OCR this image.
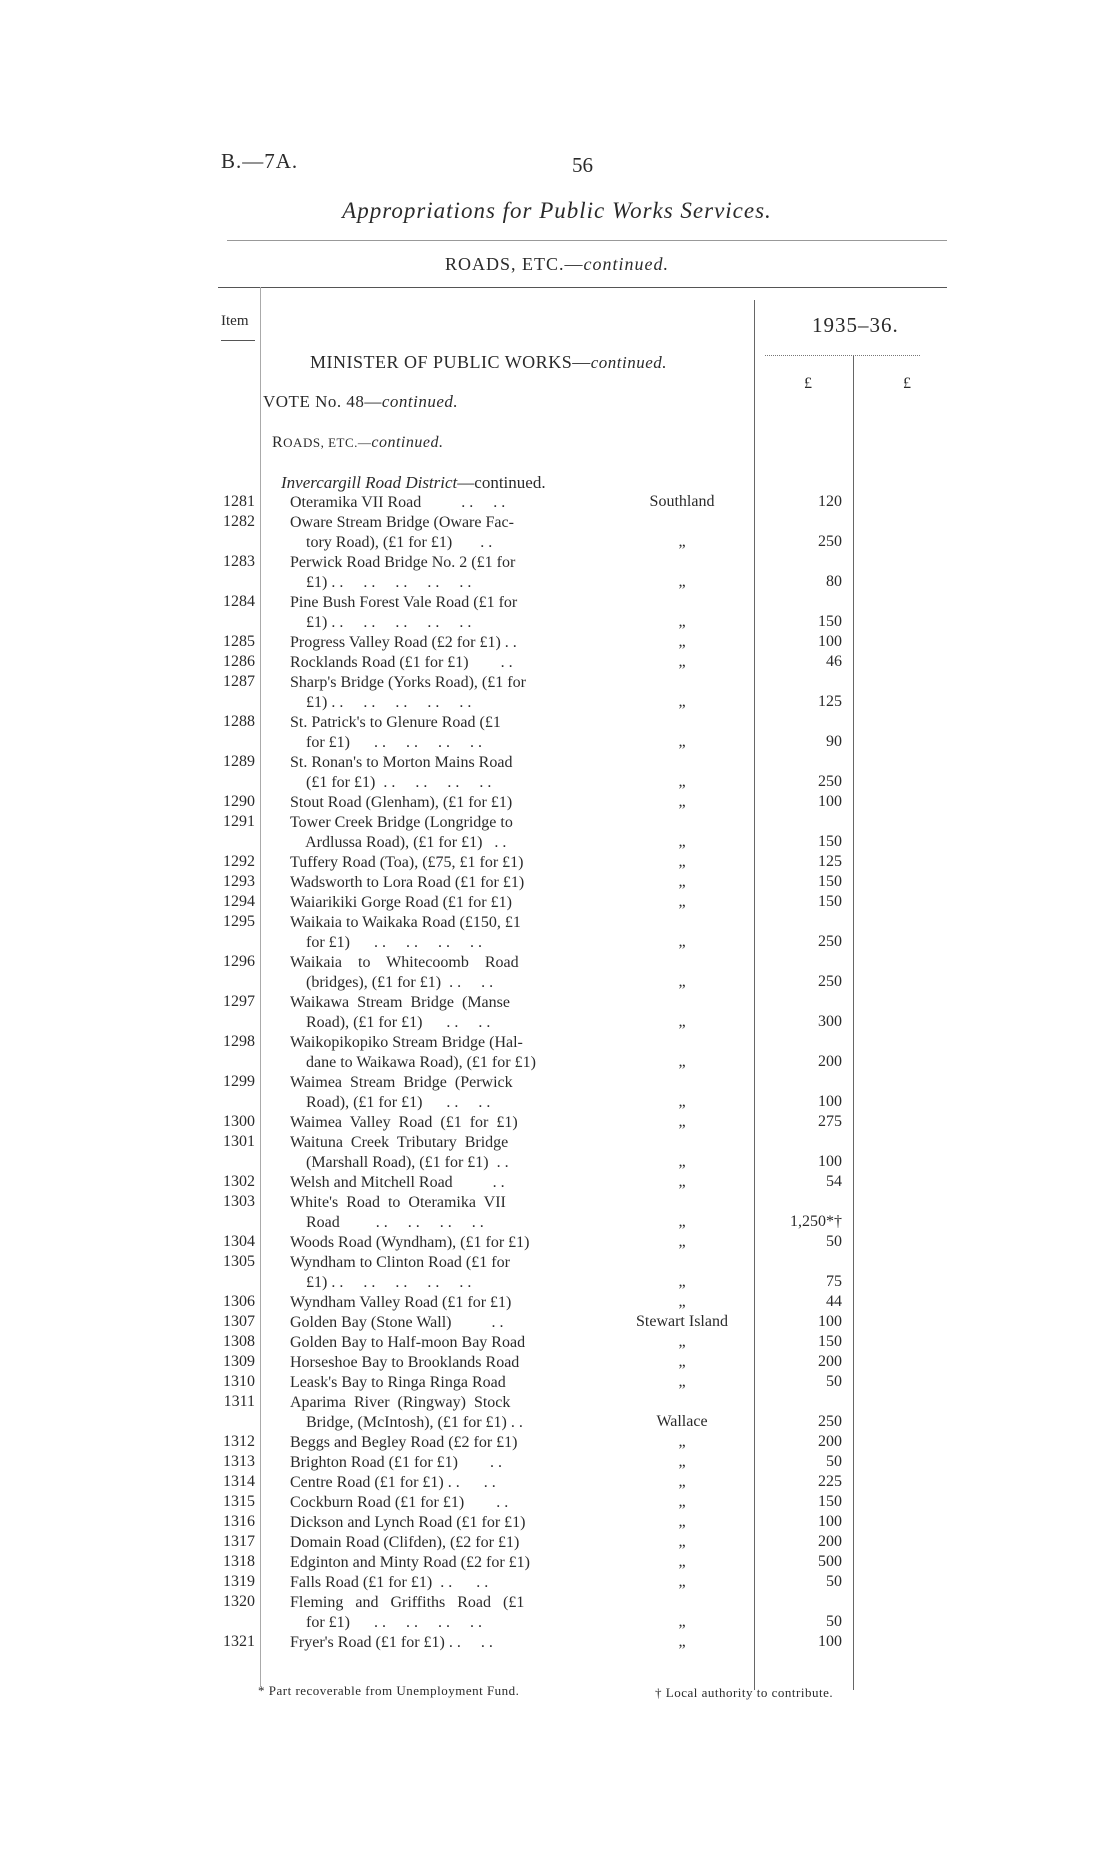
B.—7A.	56
Appropriations for Public Works Services.
ROADS, ETC.—continued.
Item	1935–36.
£	£
MINISTER OF PUBLIC WORKS—continued.
VOTE No. 48—continued.
ROADS, ETC.—continued.
Invercargill Road District—continued.
1281 Oteramika VII Road          . .     . .	Southland	120
1282 Oware Stream Bridge (Oware Fac-
tory Road), (£1 for £1)       . .	„	250
1283 Perwick Road Bridge No. 2 (£1 for
£1) . .     . .     . .     . .     . .	„	80
1284 Pine Bush Forest Vale Road (£1 for
£1) . .     . .     . .     . .     . .	„	150
1285 Progress Valley Road (£2 for £1) . .	„	100
1286 Rocklands Road (£1 for £1)        . .	„	46
1287 Sharp's Bridge (Yorks Road), (£1 for
£1) . .     . .     . .     . .     . .	„	125
1288 St. Patrick's to Glenure Road (£1
for £1)      . .     . .     . .     . .	„	90
1289 St. Ronan's to Morton Mains Road
(£1 for £1)  . .     . .     . .     . .	„	250
1290 Stout Road (Glenham), (£1 for £1)	„	100
1291 Tower Creek Bridge (Longridge to
Ardlussa Road), (£1 for £1)   . .	„	150
1292 Tuffery Road (Toa), (£75, £1 for £1)	„	125
1293 Wadsworth to Lora Road (£1 for £1)	„	150
1294 Waiarikiki Gorge Road (£1 for £1)	„	150
1295 Waikaia to Waikaka Road (£150, £1
for £1)      . .     . .     . .     . .	„	250
1296 Waikaia    to    Whitecoomb    Road
(bridges), (£1 for £1)  . .     . .	„	250
1297 Waikawa  Stream  Bridge  (Manse
Road), (£1 for £1)      . .     . .	„	300
1298 Waikopikopiko Stream Bridge (Hal-
dane to Waikawa Road), (£1 for £1)	„	200
1299 Waimea  Stream  Bridge  (Perwick
Road), (£1 for £1)      . .     . .	„	100
1300 Waimea  Valley  Road  (£1  for  £1)	„	275
1301 Waituna  Creek  Tributary  Bridge
(Marshall Road), (£1 for £1)  . .	„	100
1302 Welsh and Mitchell Road          . .	„	54
1303 White's  Road  to  Oteramika  VII
Road         . .     . .     . .     . .	„	1,250*†
1304 Woods Road (Wyndham), (£1 for £1)	„	50
1305 Wyndham to Clinton Road (£1 for
£1) . .     . .     . .     . .     . .	„	75
1306 Wyndham Valley Road (£1 for £1)	„	44
1307 Golden Bay (Stone Wall)          . .	Stewart Island	100
1308 Golden Bay to Half-moon Bay Road	„	150
1309 Horseshoe Bay to Brooklands Road	„	200
1310 Leask's Bay to Ringa Ringa Road	„	50
1311 Aparima  River  (Ringway)  Stock
Bridge, (McIntosh), (£1 for £1) . .	Wallace	250
1312 Beggs and Begley Road (£2 for £1)	„	200
1313 Brighton Road (£1 for £1)        . .	„	50
1314 Centre Road (£1 for £1) . .      . .	„	225
1315 Cockburn Road (£1 for £1)        . .	„	150
1316 Dickson and Lynch Road (£1 for £1)	„	100
1317 Domain Road (Clifden), (£2 for £1)	„	200
1318 Edginton and Minty Road (£2 for £1)	„	500
1319 Falls Road (£1 for £1)  . .      . .	„	50
1320 Fleming   and   Griffiths   Road   (£1
for £1)      . .     . .     . .     . .	„	50
1321 Fryer's Road (£1 for £1) . .     . .	„	100
* Part recoverable from Unemployment Fund.	† Local authority to contribute.
